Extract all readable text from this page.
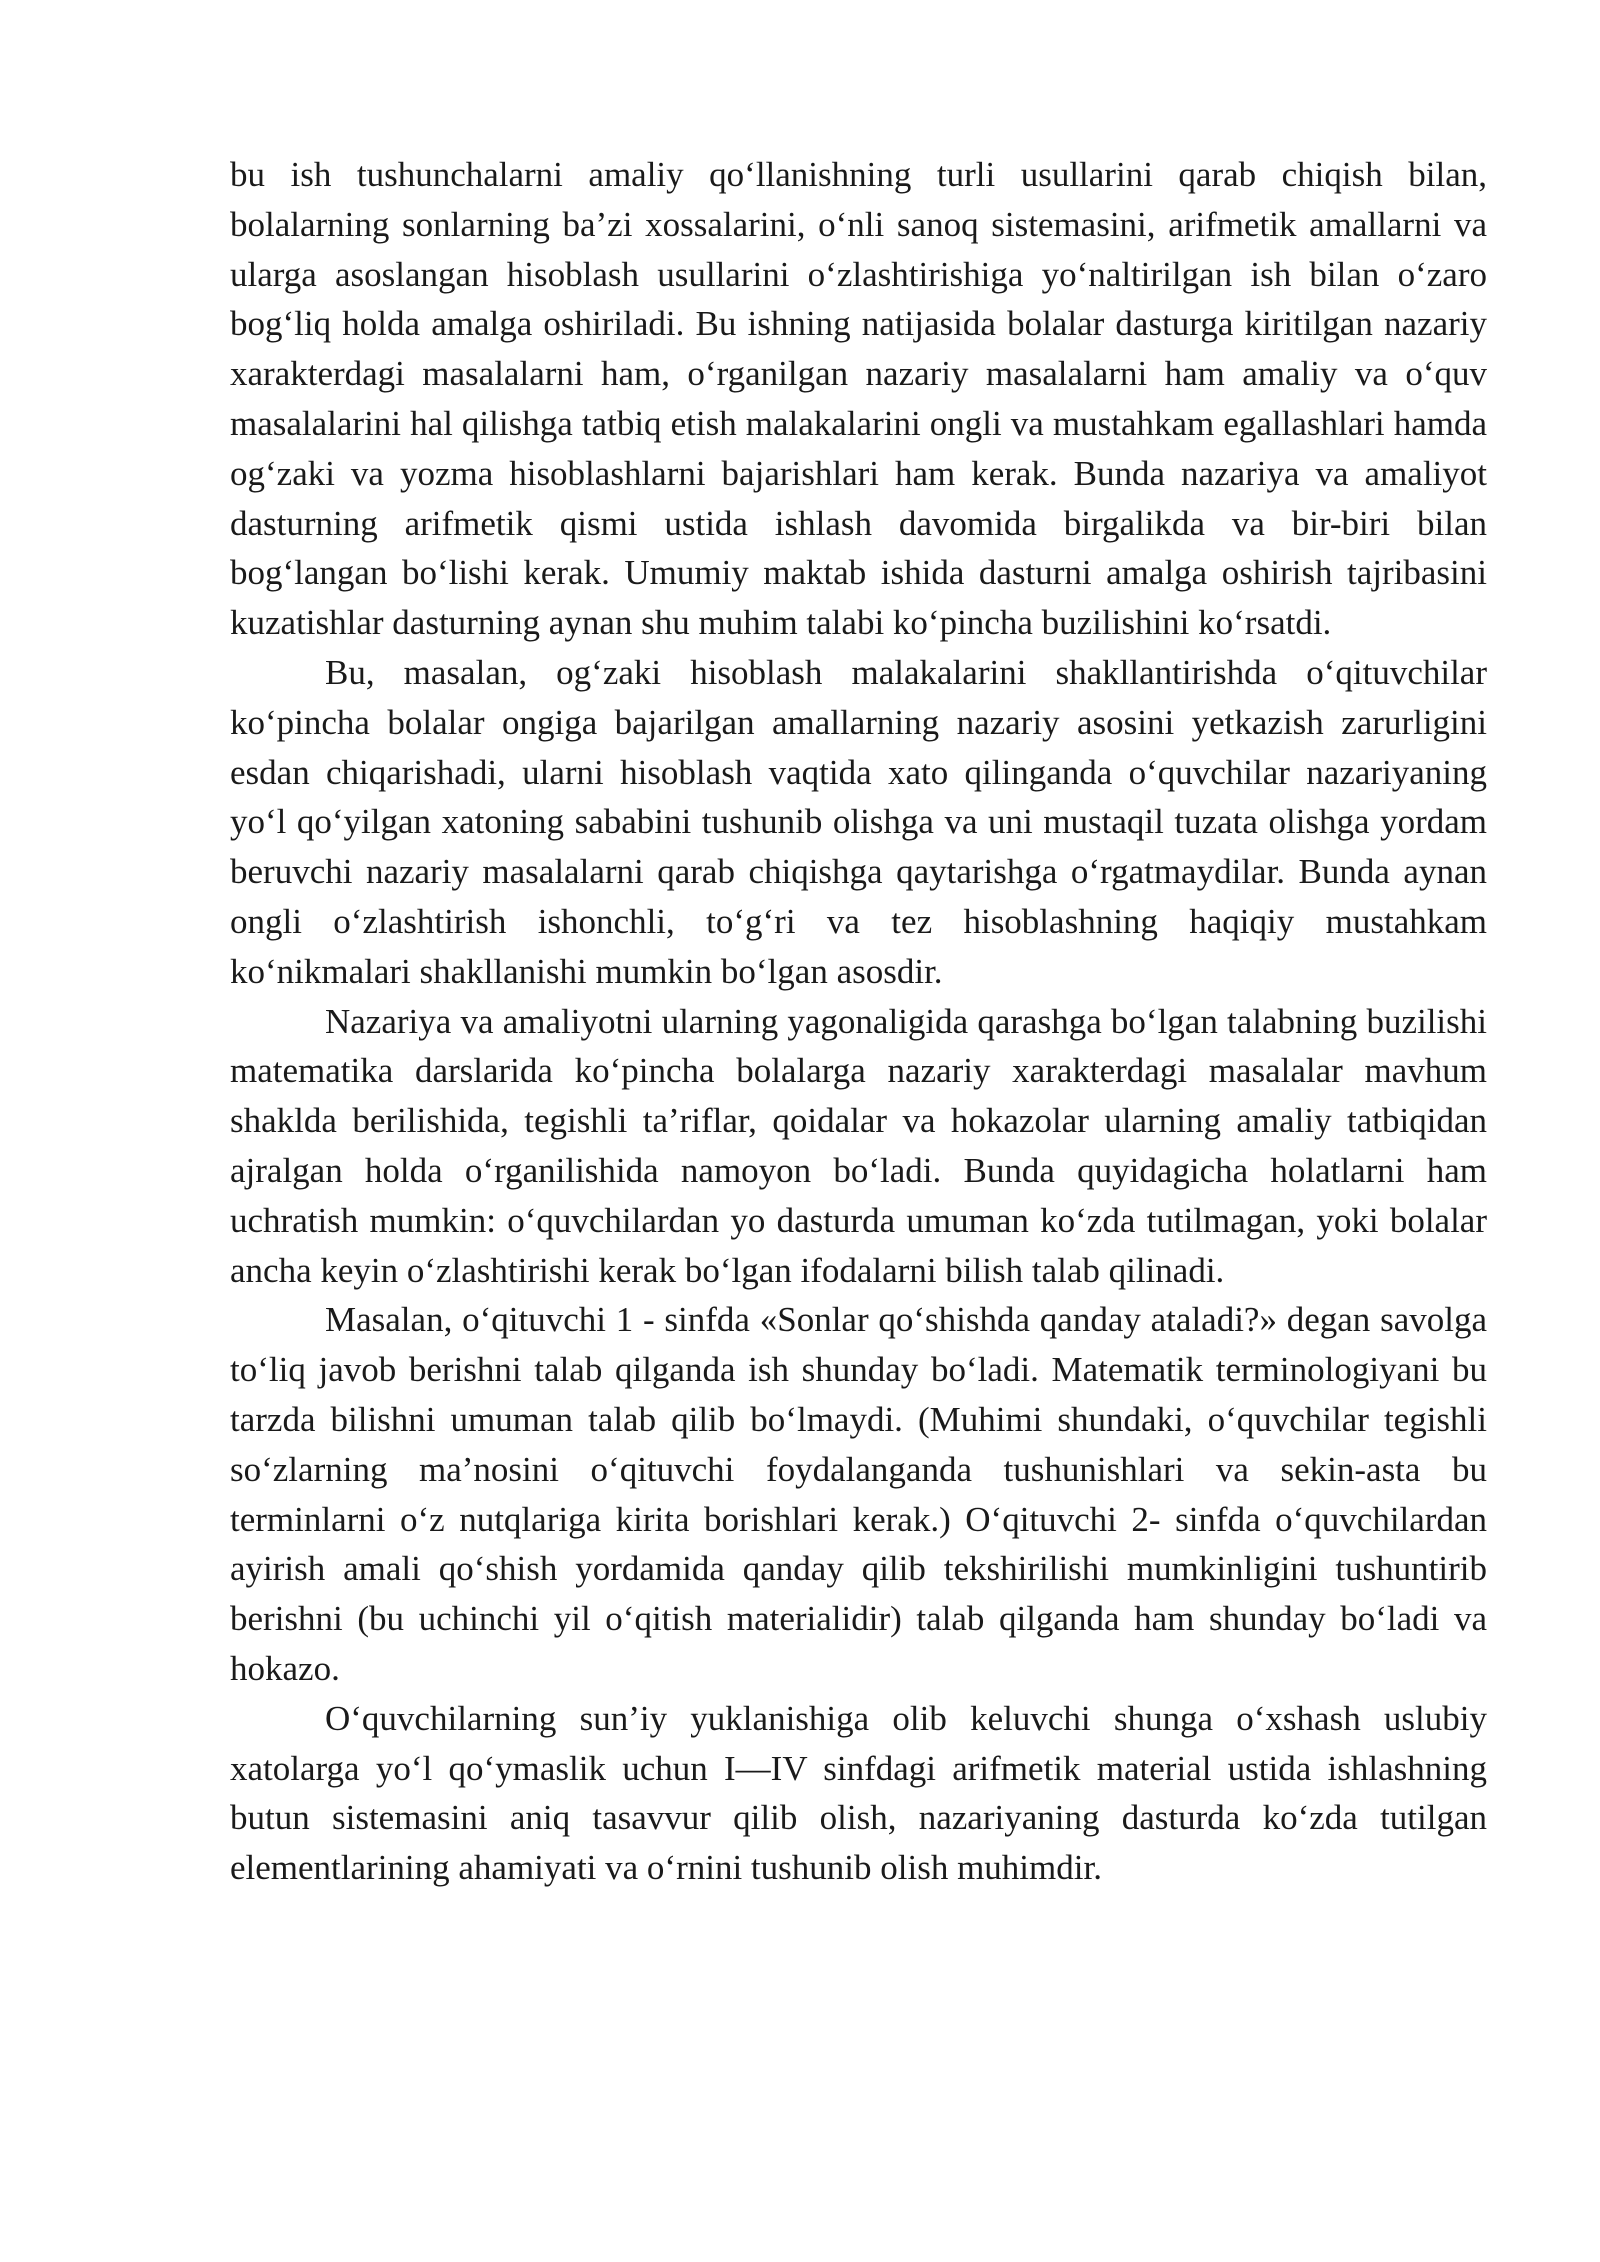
bu ish tushunchalarni amaliy qo‘llanishning turli usullarini qarab chiqish bilan, bolalarning sonlarning ba’zi xossalarini, o‘nli sanoq sistemasini, arifmetik amallarni va ularga asoslangan hisoblash usullarini o‘zlashtirishiga yo‘naltirilgan ish bilan o‘zaro bog‘liq holda amalga oshiriladi. Bu ishning natijasida bolalar dasturga kiritilgan nazariy xarakterdagi masalalarni ham, o‘rganilgan nazariy masalalarni ham amaliy va o‘quv masalalarini hal qilishga tatbiq etish malakalarini ongli va mustahkam egallashlari hamda og‘zaki va yozma hisoblashlarni bajarishlari ham kerak. Bunda nazariya va amaliyot dasturning arifmetik qismi ustida ishlash davomida birgalikda va bir-biri bilan bog‘langan bo‘lishi kerak. Umumiy maktab ishida dasturni amalga oshirish tajribasini kuzatishlar dasturning aynan shu muhim talabi ko‘pincha buzilishini ko‘rsatdi.

Bu, masalan, og‘zaki hisoblash malakalarini shakllantirishda o‘qituvchilar ko‘pincha bolalar ongiga bajarilgan amallarning nazariy asosini yetkazish zarurligini esdan chiqarishadi, ularni hisoblash vaqtida xato qilinganda o‘quvchilar nazariyaning yo‘l qo‘yilgan xatoning sababini tushunib olishga va uni mustaqil tuzata olishga yordam beruvchi nazariy masalalarni qarab chiqishga qaytarishga o‘rgatmaydilar. Bunda aynan ongli o‘zlashtirish ishonchli, to‘g‘ri va tez hisoblashning haqiqiy mustahkam ko‘nikmalari shakllanishi mumkin bo‘lgan asosdir.

Nazariya va amaliyotni ularning yagonaligida qarashga bo‘lgan talabning buzilishi matematika darslarida ko‘pincha bolalarga nazariy xarakterdagi masalalar mavhum shaklda berilishida, tegishli ta’riflar, qoidalar va hokazolar ularning amaliy tatbiqidan ajralgan holda o‘rganilishida namoyon bo‘ladi. Bunda quyidagicha holatlarni ham uchratish mumkin: o‘quvchilardan yo dasturda umuman ko‘zda tutilmagan, yoki bolalar ancha keyin o‘zlashtirishi kerak bo‘lgan ifodalarni bilish talab qilinadi.

Masalan, o‘qituvchi 1 - sinfda «Sonlar qo‘shishda qanday ataladi?» degan savolga to‘liq javob berishni talab qilganda ish shunday bo‘ladi. Matematik terminologiyani bu tarzda bilishni umuman talab qilib bo‘lmaydi. (Muhimi shundaki, o‘quvchilar tegishli so‘zlarning ma’nosini o‘qituvchi foydalanganda tushunishlari va sekin-asta bu terminlarni o‘z nutqlariga kirita borishlari kerak.) O‘qituvchi 2- sinfda o‘quvchilardan ayirish amali qo‘shish yordamida qanday qilib tekshirilishi mumkinligini tushuntirib berishni (bu uchinchi yil o‘qitish materialidir) talab qilganda ham shunday bo‘ladi va hokazo.

O‘quvchilarning sun’iy yuklanishiga olib keluvchi shunga o‘xshash uslubiy xatolarga yo‘l qo‘ymaslik uchun I—IV sinfdagi arifmetik material ustida ishlashning butun sistemasini aniq tasavvur qilib olish, nazariyaning dasturda ko‘zda tutilgan elementlarining ahamiyati va o‘rnini tushunib olish muhimdir.
